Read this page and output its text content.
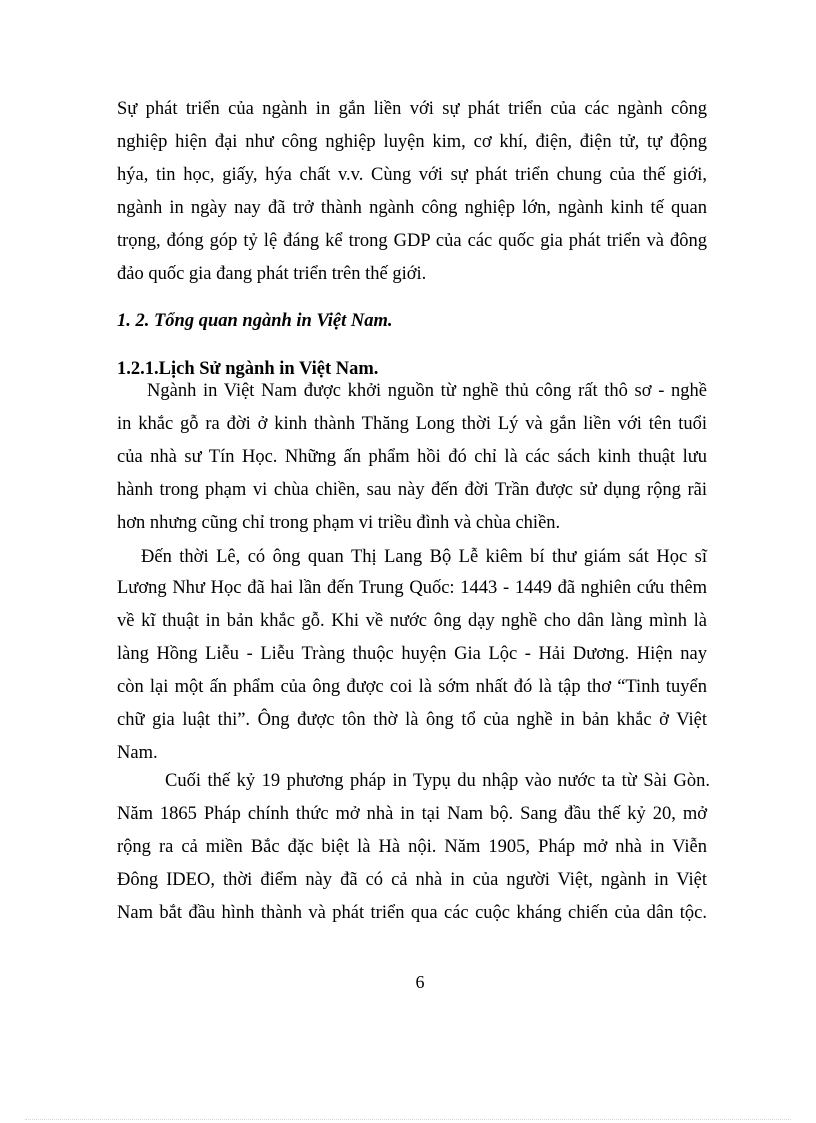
Sự phát triển của ngành in gắn liền với sự phát triển của các ngành công
nghiệp hiện đại như công nghiệp luyện kim, cơ khí, điện, điện tử, tự động
hýa, tin học, giấy, hýa chất v.v. Cùng với sự phát triển chung của thế giới,
ngành in ngày nay đã trở thành ngành công nghiệp lớn, ngành kinh tế quan
trọng, đóng góp tỷ lệ đáng kể trong GDP của các quốc gia phát triển và đông
đảo quốc gia đang phát triển trên thế giới.
1. 2. Tổng quan ngành in Việt Nam.
1.2.1.Lịch Sử ngành in Việt Nam.
Ngành in Việt Nam được khởi nguồn từ nghề thủ công rất thô sơ - nghề
in khắc gỗ ra đời ở kinh thành Thăng Long thời Lý và gắn liền với tên tuổi
của nhà sư Tín Học. Những ấn phẩm hồi đó chỉ là các sách kinh thuật lưu
hành trong phạm vi chùa chiền, sau này đến đời Trần được sử dụng rộng rãi
hơn nhưng cũng chỉ trong phạm vi triều đình và chùa chiền.
Đến thời Lê, có ông quan Thị Lang Bộ Lễ kiêm bí thư giám sát Học sĩ
Lương Như Học đã hai lần đến Trung Quốc: 1443 - 1449 đã nghiên cứu thêm
về kĩ thuật in bản khắc gỗ. Khi về nước ông dạy nghề cho dân làng mình là
làng Hồng Liễu - Liễu Tràng thuộc huyện Gia Lộc - Hải Dương. Hiện nay
còn lại một ấn phẩm của ông được coi là sớm nhất đó là tập thơ “Tinh tuyển
chữ gia luật thi”. Ông được tôn thờ là ông tổ của nghề in bản khắc ở Việt
Nam.
Cuối thế kỷ 19 phương pháp in Typụ du nhập vào nước ta từ Sài Gòn.
Năm 1865 Pháp chính thức mở nhà in tại Nam bộ. Sang đầu thế kỷ 20, mở
rộng ra cả miền Bắc đặc biệt là Hà nội. Năm 1905, Pháp mở nhà in Viễn
Đông IDEO, thời điểm này đã có cả nhà in của người Việt, ngành in Việt
Nam bắt đầu hình thành và phát triển qua các cuộc kháng chiến của dân tộc.
6
